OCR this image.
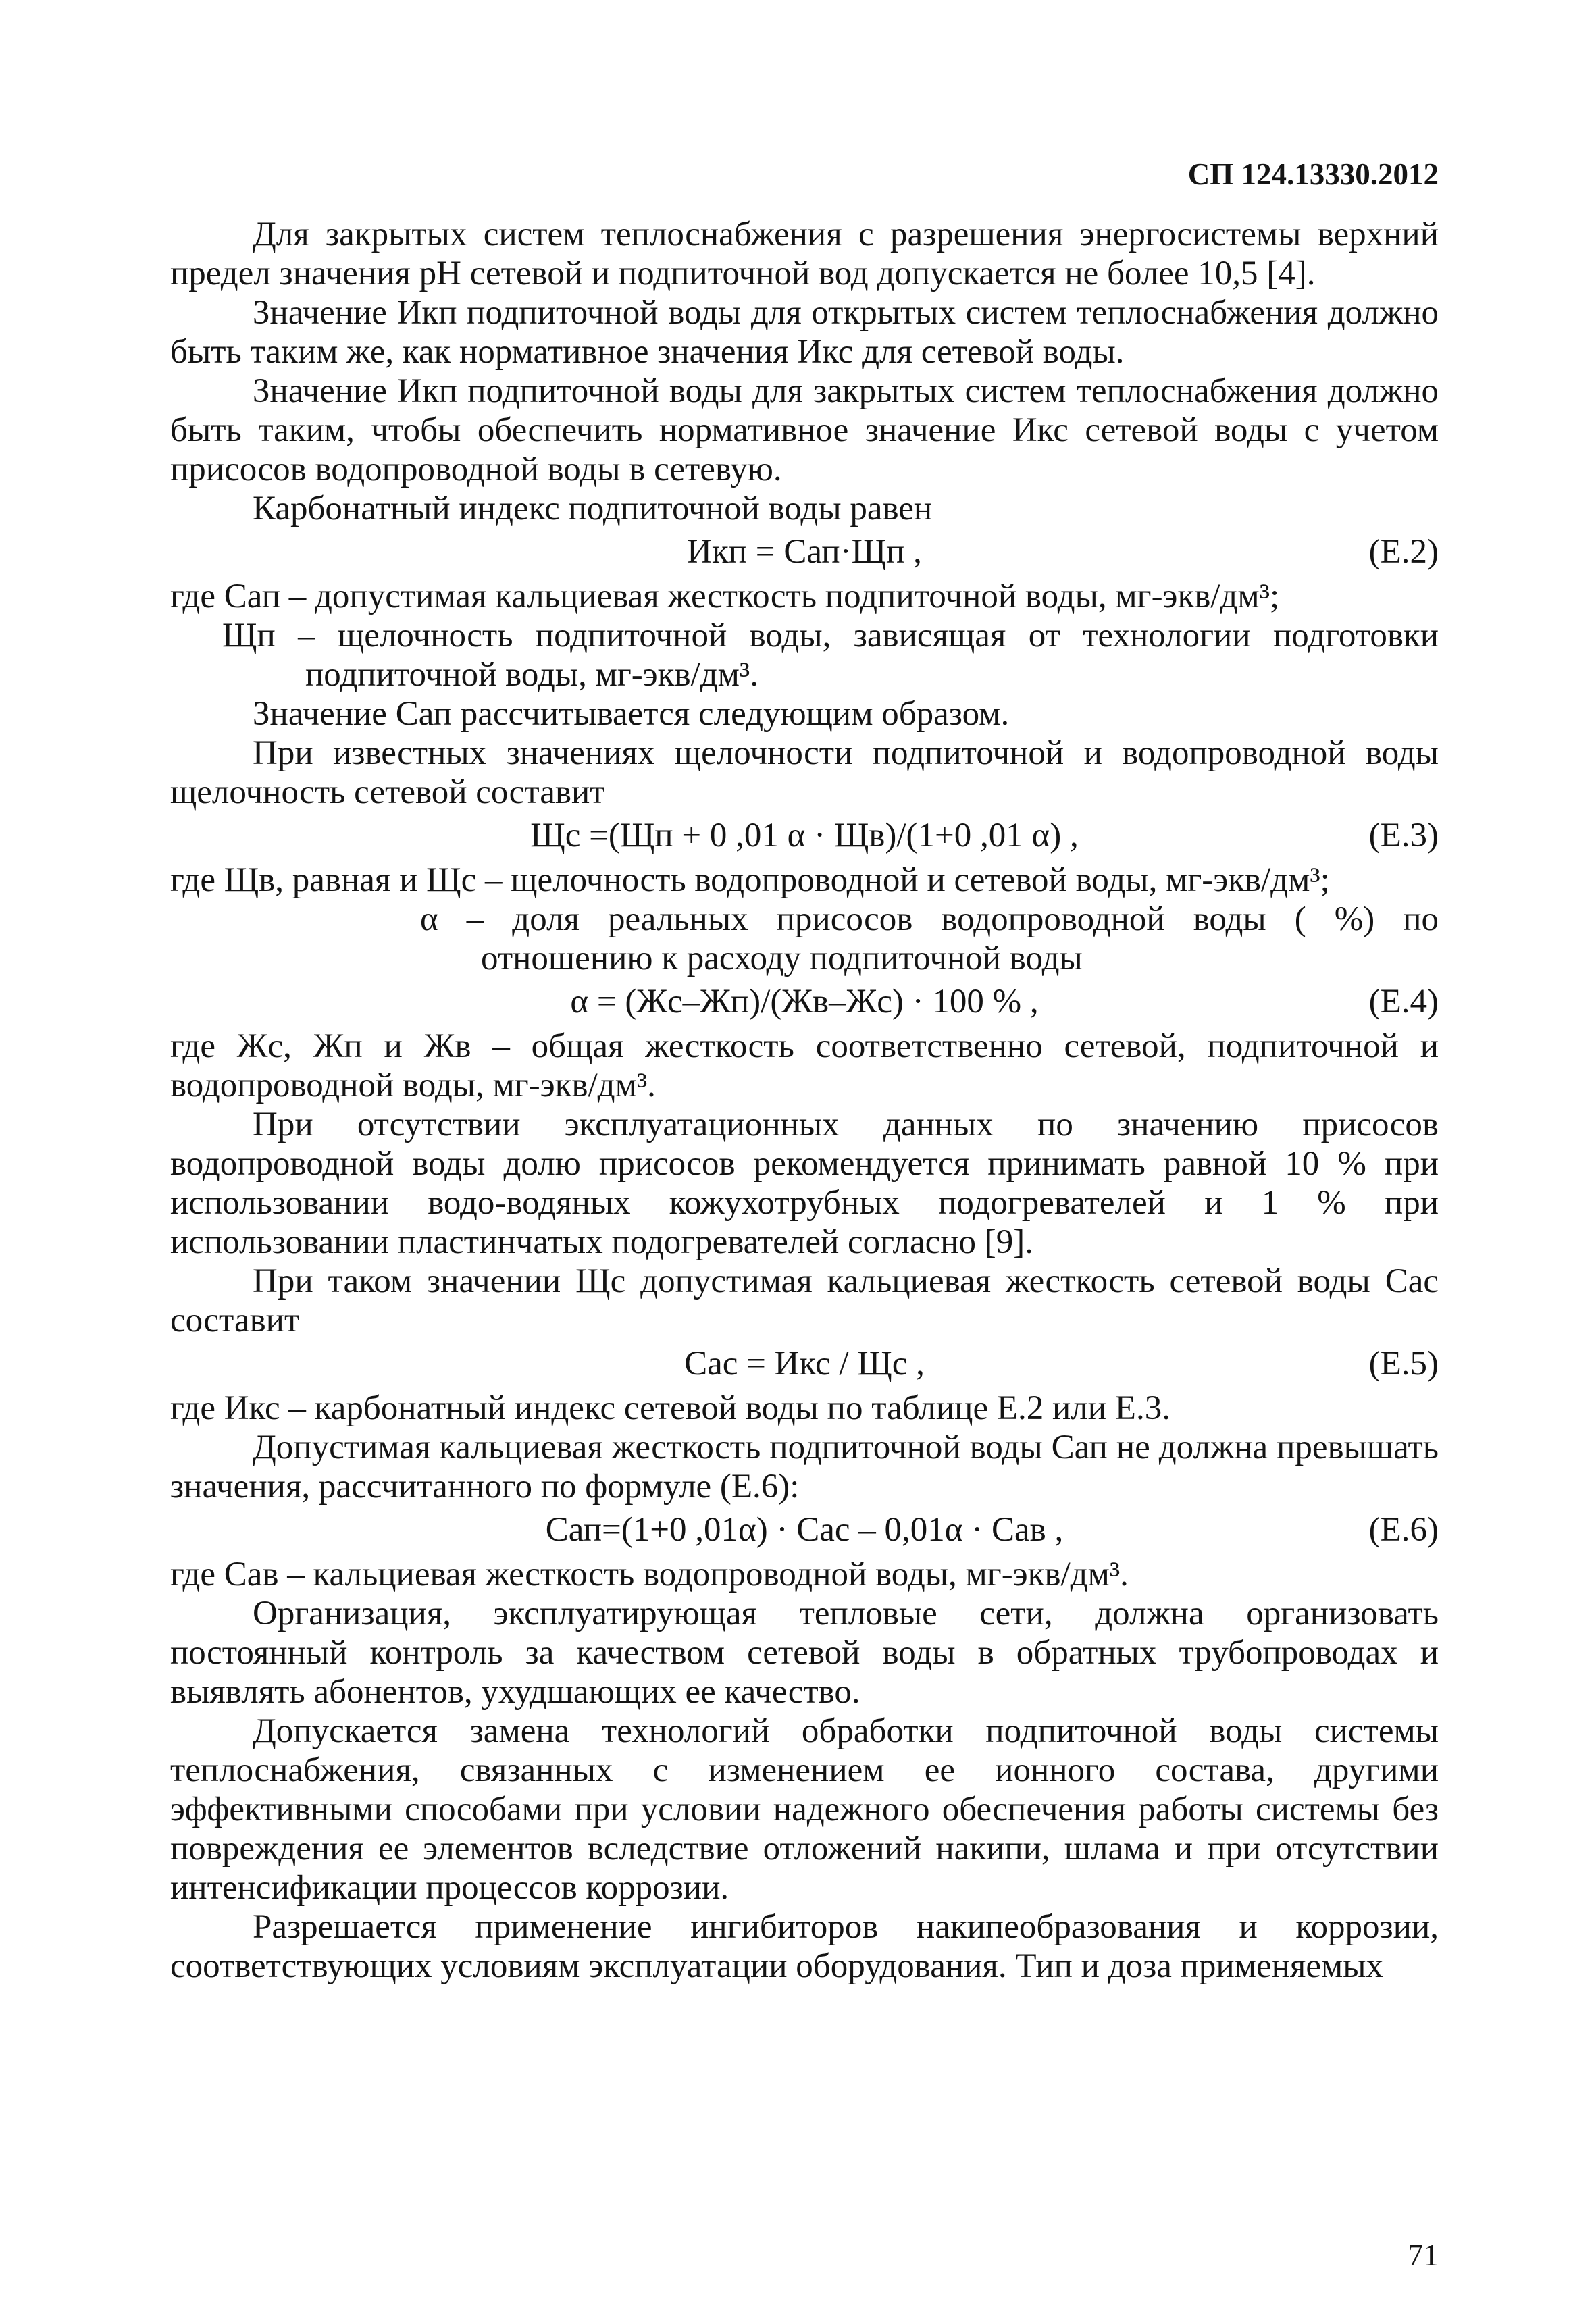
СП 124.13330.2012

Для закрытых систем теплоснабжения с разрешения энергосистемы верхний предел значения рН сетевой и подпиточной вод допускается не более 10,5 [4].

Значение Икп подпиточной воды для открытых систем теплоснабжения должно быть таким же, как нормативное значения Икс для сетевой воды.

Значение Икп подпиточной воды для закрытых систем теплоснабжения должно быть таким, чтобы обеспечить нормативное значение Икс сетевой воды с учетом присосов водопроводной воды в сетевую.

Карбонатный индекс подпиточной воды равен

Икп = Сап·Щп ,	(Е.2)

где Сап – допустимая кальциевая жесткость подпиточной воды, мг-экв/дм³;

Щп – щелочность подпиточной воды, зависящая от технологии подготовки подпиточной воды, мг-экв/дм³.

Значение Сап рассчитывается следующим образом.

При известных значениях щелочности подпиточной и водопроводной воды щелочность сетевой составит

Щс =(Щп + 0 ,01 α · Щв)/(1+0 ,01 α) ,	(Е.3)

где Щв, равная и Щс – щелочность водопроводной и сетевой воды, мг-экв/дм³;

α – доля реальных присосов водопроводной воды ( %) по отношению к расходу подпиточной воды

α = (Жс–Жп)/(Жв–Жс) · 100 % ,	(Е.4)

где Жс, Жп и Жв – общая жесткость соответственно сетевой, подпиточной и водопроводной воды, мг-экв/дм³.

При отсутствии эксплуатационных данных по значению присосов водопроводной воды долю присосов рекомендуется принимать равной 10 % при использовании водо-водяных кожухотрубных подогревателей и 1 % при использовании пластинчатых подогревателей согласно [9].

При таком значении Щс допустимая кальциевая жесткость сетевой воды Сас составит

Сас = Икс / Щс ,	(Е.5)

где Икс – карбонатный индекс сетевой воды по таблице Е.2 или Е.3.

Допустимая кальциевая жесткость подпиточной воды Сап не должна превышать значения, рассчитанного по формуле (Е.6):

Сап=(1+0 ,01α) · Сас – 0,01α · Сав ,	(Е.6)

где Сав – кальциевая жесткость водопроводной воды, мг-экв/дм³.

Организация, эксплуатирующая тепловые сети, должна организовать постоянный контроль за качеством сетевой воды в обратных трубопроводах и выявлять абонентов, ухудшающих ее качество.

Допускается замена технологий обработки подпиточной воды системы теплоснабжения, связанных с изменением ее ионного состава, другими эффективными способами при условии надежного обеспечения работы системы без повреждения ее элементов вследствие отложений накипи, шлама и при отсутствии интенсификации процессов коррозии.

Разрешается применение ингибиторов накипеобразования и коррозии, соответствующих условиям эксплуатации оборудования. Тип и доза применяемых

71
